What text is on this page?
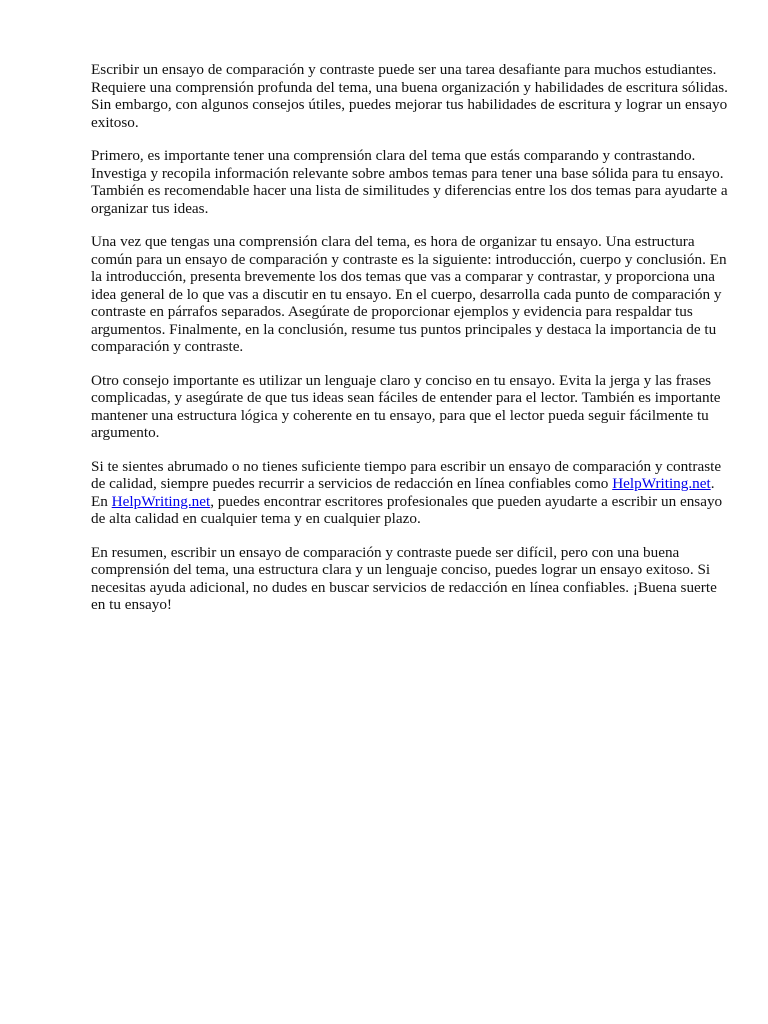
Escribir un ensayo de comparación y contraste puede ser una tarea desafiante para muchos estudiantes. Requiere una comprensión profunda del tema, una buena organización y habilidades de escritura sólidas. Sin embargo, con algunos consejos útiles, puedes mejorar tus habilidades de escritura y lograr un ensayo exitoso.

Primero, es importante tener una comprensión clara del tema que estás comparando y contrastando. Investiga y recopila información relevante sobre ambos temas para tener una base sólida para tu ensayo. También es recomendable hacer una lista de similitudes y diferencias entre los dos temas para ayudarte a organizar tus ideas.

Una vez que tengas una comprensión clara del tema, es hora de organizar tu ensayo. Una estructura común para un ensayo de comparación y contraste es la siguiente: introducción, cuerpo y conclusión. En la introducción, presenta brevemente los dos temas que vas a comparar y contrastar, y proporciona una idea general de lo que vas a discutir en tu ensayo. En el cuerpo, desarrolla cada punto de comparación y contraste en párrafos separados. Asegúrate de proporcionar ejemplos y evidencia para respaldar tus argumentos. Finalmente, en la conclusión, resume tus puntos principales y destaca la importancia de tu comparación y contraste.

Otro consejo importante es utilizar un lenguaje claro y conciso en tu ensayo. Evita la jerga y las frases complicadas, y asegúrate de que tus ideas sean fáciles de entender para el lector. También es importante mantener una estructura lógica y coherente en tu ensayo, para que el lector pueda seguir fácilmente tu argumento.

Si te sientes abrumado o no tienes suficiente tiempo para escribir un ensayo de comparación y contraste de calidad, siempre puedes recurrir a servicios de redacción en línea confiables como HelpWriting.net. En HelpWriting.net, puedes encontrar escritores profesionales que pueden ayudarte a escribir un ensayo de alta calidad en cualquier tema y en cualquier plazo.

En resumen, escribir un ensayo de comparación y contraste puede ser difícil, pero con una buena comprensión del tema, una estructura clara y un lenguaje conciso, puedes lograr un ensayo exitoso. Si necesitas ayuda adicional, no dudes en buscar servicios de redacción en línea confiables. ¡Buena suerte en tu ensayo!
